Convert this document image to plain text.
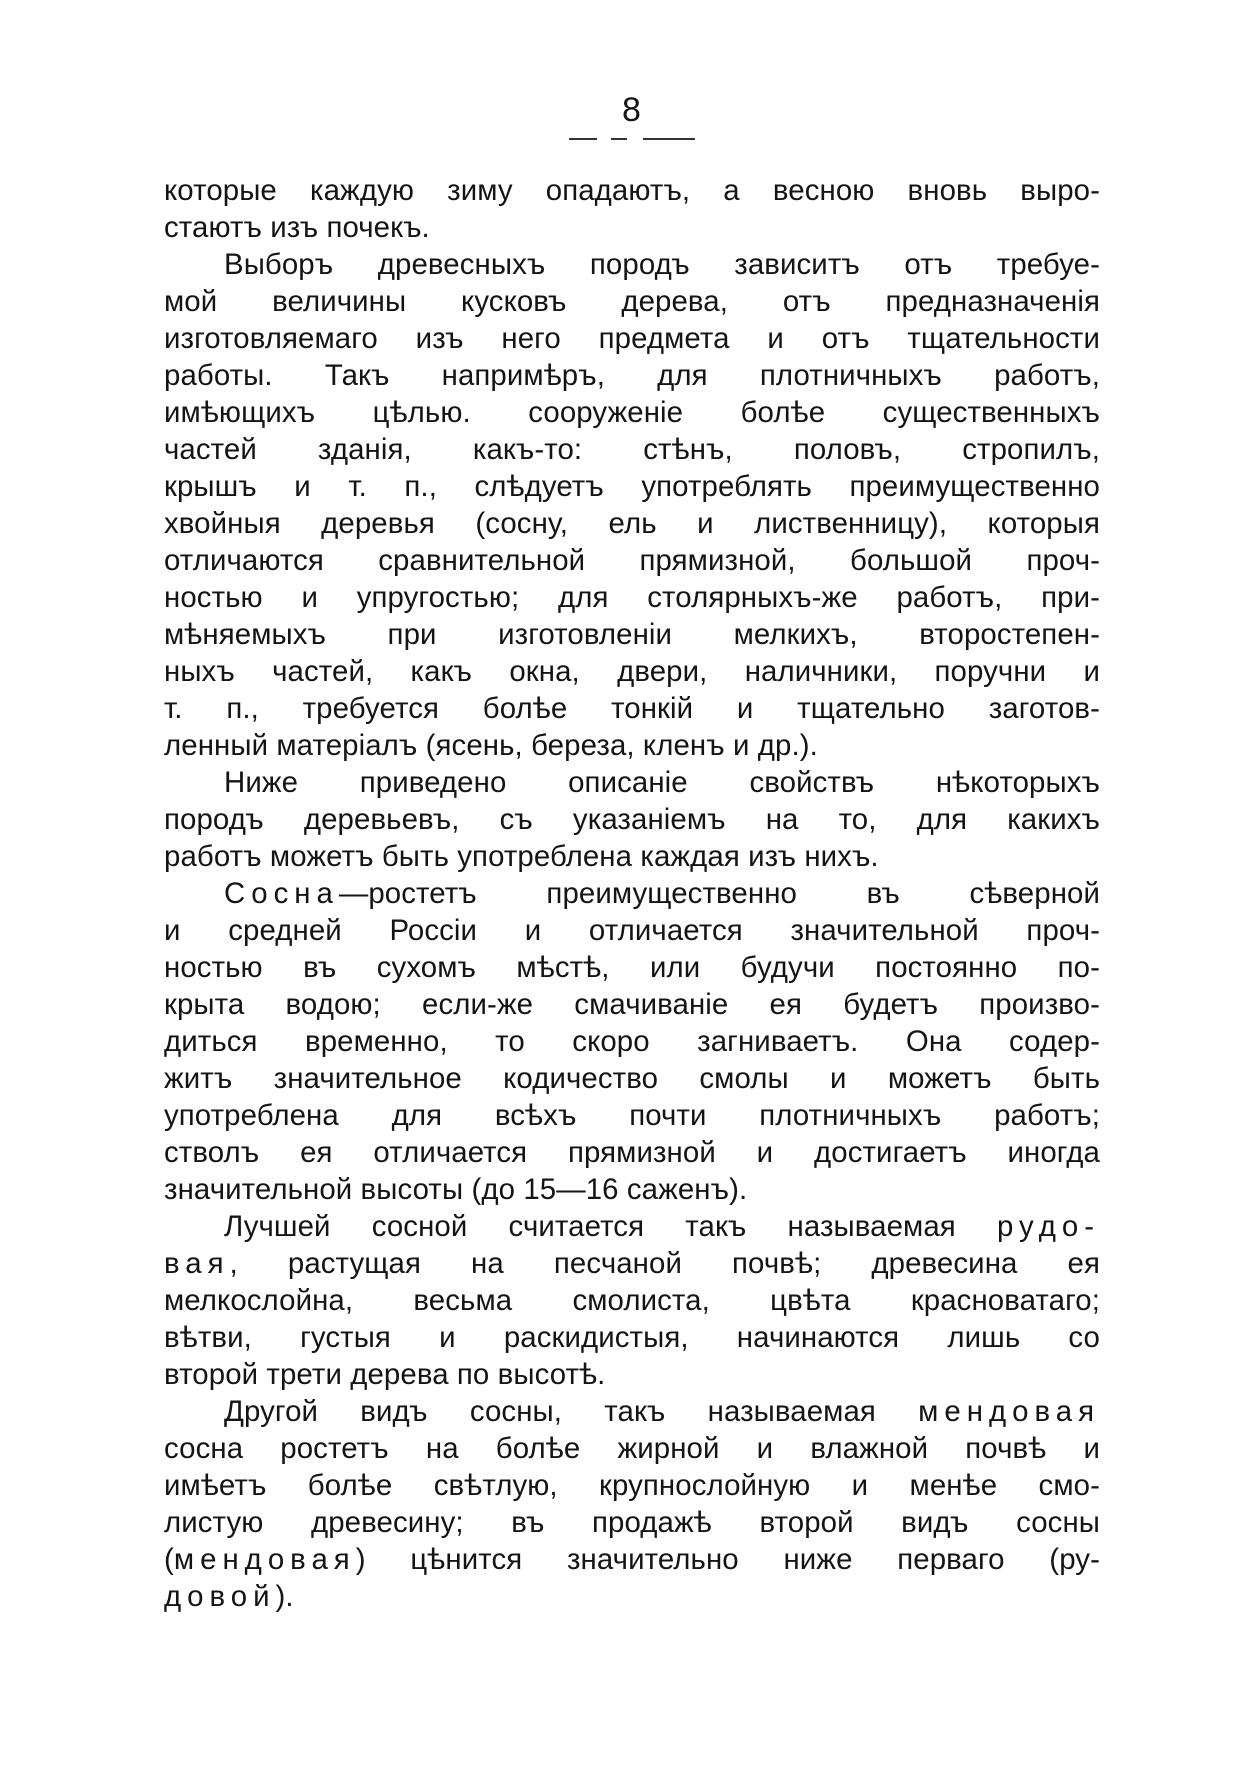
8
которые каждую зиму опадаютъ, а весною вновь выро-
стаютъ изъ почекъ.
Выборъ древесныхъ породъ зависитъ отъ требуе-
мой величины кусковъ дерева, отъ предназначенія
изготовляемаго изъ него предмета и отъ тщательности
работы. Такъ напримѣръ, для плотничныхъ работъ,
имѣющихъ цѣлью. сооруженіе болѣе существенныхъ
частей зданія, какъ-то: стѣнъ, половъ, стропилъ,
крышъ и т. п., слѣдуетъ употреблять преимущественно
хвойныя деревья (сосну, ель и лиственницу), которыя
отличаются сравнительной прямизной, большой проч-
ностью и упругостью; для столярныхъ-же работъ, при-
мѣняемыхъ при изготовленіи мелкихъ, второстепен-
ныхъ частей, какъ окна, двери, наличники, поручни и
т. п., требуется болѣе тонкій и тщательно заготов-
ленный матеріалъ (ясень, береза, кленъ и др.).
Ниже приведено описаніе свойствъ нѣкоторыхъ
породъ деревьевъ, съ указаніемъ на то, для какихъ
работъ можетъ быть употреблена каждая изъ нихъ.
Сосна—ростетъ преимущественно въ сѣверной
и средней Россіи и отличается значительной проч-
ностью въ сухомъ мѣстѣ, или будучи постоянно по-
крыта водою; если-же смачиваніе ея будетъ произво-
диться временно, то скоро загниваетъ. Она содер-
житъ значительное кодичество смолы и можетъ быть
употреблена для всѣхъ почти плотничныхъ работъ;
стволъ ея отличается прямизной и достигаетъ иногда
значительной высоты (до 15—16 саженъ).
Лучшей сосной считается такъ называемая рудо-
вая, растущая на песчаной почвѣ; древесина ея
мелкослойна, весьма смолиста, цвѣта красноватаго;
вѣтви, густыя и раскидистыя, начинаются лишь со
второй трети дерева по высотѣ.
Другой видъ сосны, такъ называемая мендовая
сосна ростетъ на болѣе жирной и влажной почвѣ и
имѣетъ болѣе свѣтлую, крупнослойную и менѣе смо-
листую древесину; въ продажѣ второй видъ сосны
(мендовая) цѣнится значительно ниже перваго (ру-
довой).
